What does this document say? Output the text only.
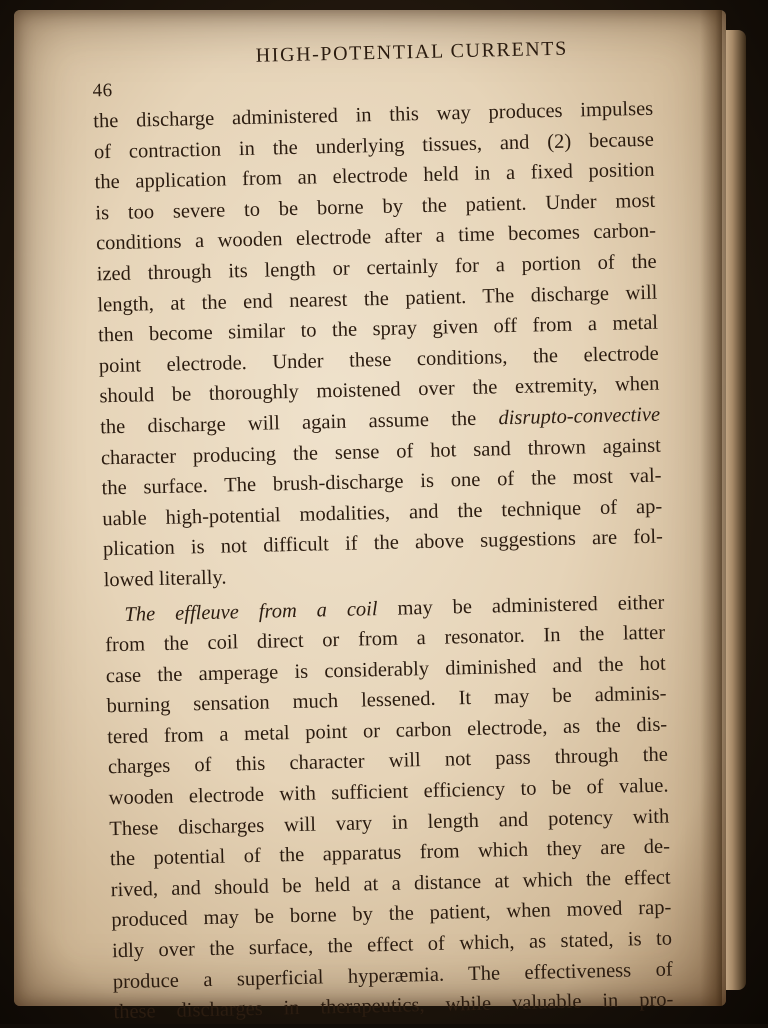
46
HIGH-POTENTIAL CURRENTS
the discharge administered in this way produces impulses
of contraction in the underlying tissues, and (2) because
the application from an electrode held in a fixed position
is too severe to be borne by the patient. Under most
conditions a wooden electrode after a time becomes carbon-
ized through its length or certainly for a portion of the
length, at the end nearest the patient. The discharge will
then become similar to the spray given off from a metal
point electrode. Under these conditions, the electrode
should be thoroughly moistened over the extremity, when
the discharge will again assume the disrupto-convective
character producing the sense of hot sand thrown against
the surface. The brush-discharge is one of the most val-
uable high-potential modalities, and the technique of ap-
plication is not difficult if the above suggestions are fol-
lowed literally.
The effleuve from a coil may be administered either
from the coil direct or from a resonator. In the latter
case the amperage is considerably diminished and the hot
burning sensation much lessened. It may be adminis-
tered from a metal point or carbon electrode, as the dis-
charges of this character will not pass through the
wooden electrode with sufficient efficiency to be of value.
These discharges will vary in length and potency with
the potential of the apparatus from which they are de-
rived, and should be held at a distance at which the effect
produced may be borne by the patient, when moved rap-
idly over the surface, the effect of which, as stated, is to
produce a superficial hyperæmia. The effectiveness of
these discharges in therapeutics, while valuable in pro-
